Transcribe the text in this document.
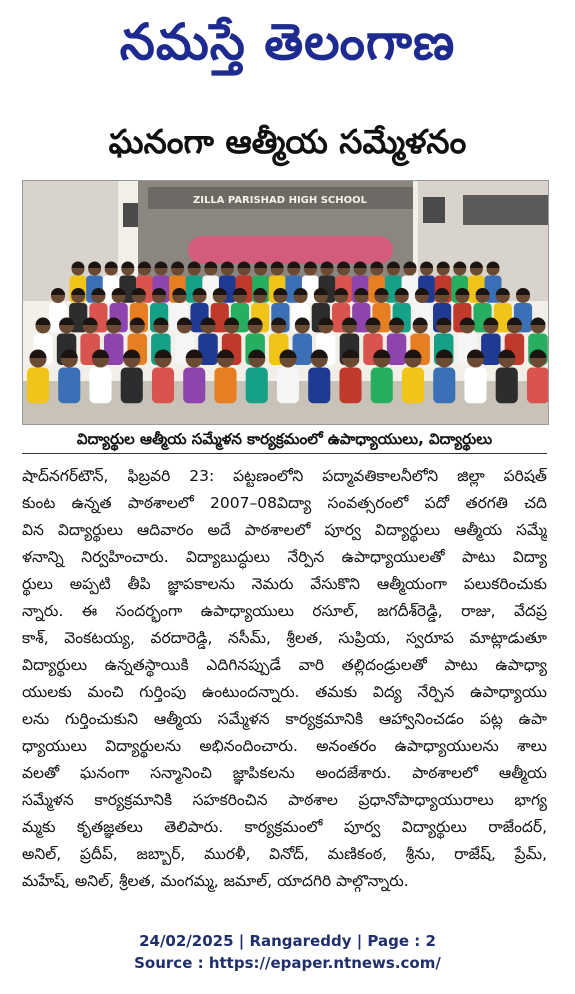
నమస్తే తెలంగాణ
ఘనంగా ఆత్మీయ సమ్మేళనం
ZILLA PARISHAD HIGH SCHOOL
విద్యార్థుల ఆత్మీయ సమ్మేళన కార్యక్రమంలో ఉపాధ్యాయులు, విద్యార్థులు
షాద్‌నగర్‌టౌన్, ఫిబ్రవరి 23: పట్టణంలోని పద్మావతికాలనీలోని జిల్లా పరిషత్
కుంట ఉన్నత పాఠశాలలో 2007–08విద్యా సంవత్సరంలో పదో తరగతి చది
విన విద్యార్థులు ఆదివారం అదే పాఠశాలలో పూర్వ విద్యార్థులు ఆత్మీయ సమ్మే
ళనాన్ని నిర్వహించారు. విద్యాబుద్ధులు నేర్పిన ఉపాధ్యాయులతో పాటు విద్యా
ర్థులు అప్పటి తీపి జ్ఞాపకాలను నెమరు వేసుకొని ఆత్మీయంగా పలుకరించుకు
న్నారు. ఈ సందర్భంగా ఉపాధ్యాయులు రసూల్, జగదీశ్‌రెడ్డి, రాజు, వేదప్ర
కాశ్, వెంకటయ్య, వరదారెడ్డి, నసీమ్, శ్రీలత, సుప్రియ, స్వరూప మాట్లాడుతూ
విద్యార్థులు ఉన్నతస్థాయికి ఎదిగినప్పుడే వారి తల్లిదండ్రులతో పాటు ఉపాధ్యా
యులకు మంచి గుర్తింపు ఉంటుందన్నారు. తమకు విద్య నేర్పిన ఉపాధ్యాయు
లను గుర్తించుకుని ఆత్మీయ సమ్మేళన కార్యక్రమానికి ఆహ్వానించడం పట్ల ఉపా
ధ్యాయులు విద్యార్థులను అభినందించారు. అనంతరం ఉపాధ్యాయులను శాలు
వలతో ఘనంగా సన్మానించి జ్ఞాపికలను అందజేశారు. పాఠశాలలో ఆత్మీయ
సమ్మేళన కార్యక్రమానికి సహకరించిన పాఠశాల ప్రధానోపాధ్యాయురాలు భాగ్య
మ్మకు కృతజ్ఞతలు తెలిపారు. కార్యక్రమంలో పూర్వ విద్యార్థులు రాజేందర్,
అనిల్, ప్రదీప్, జబ్బార్, మురళీ, వినోద్, మణికంఠ, శ్రీను, రాజేష్, ప్రేమ్,
మహేష్, అనిల్, శ్రీలత, మంగమ్మ, జమాల్, యాదగిరి పాల్గొన్నారు.
24/02/2025 | Rangareddy | Page : 2
Source : https://epaper.ntnews.com/
